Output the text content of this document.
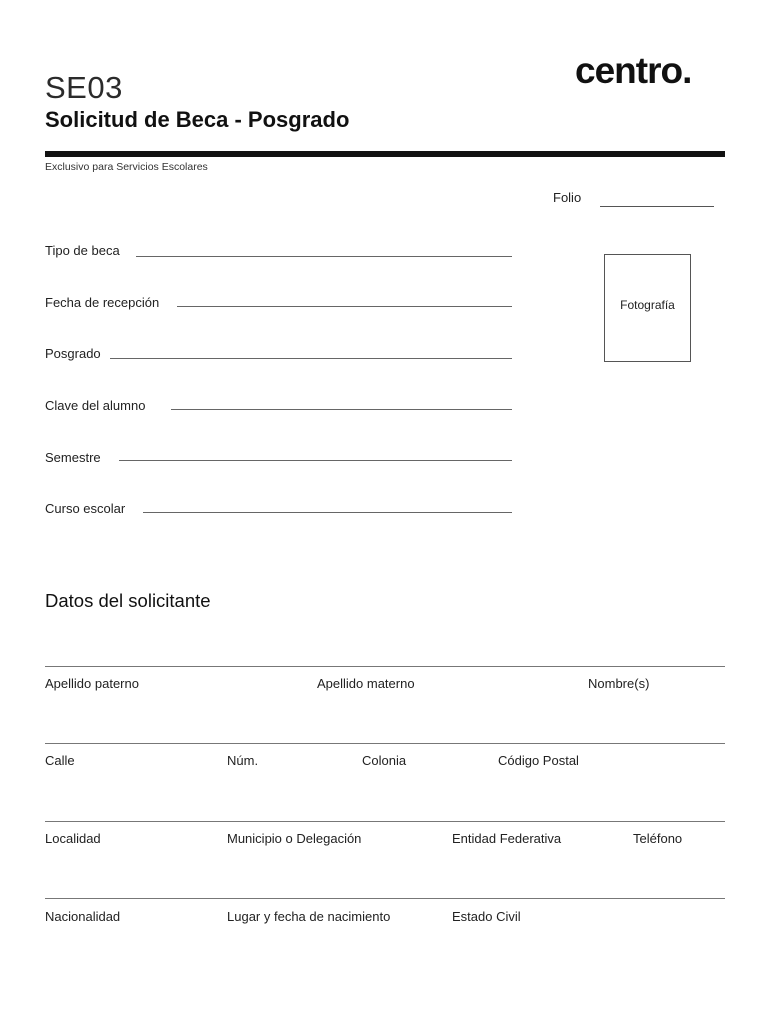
SE03
Solicitud de Beca - Posgrado
centro.
Exclusivo para Servicios Escolares
Folio
Fotografía
Tipo de beca
Fecha de recepción
Posgrado
Clave del alumno
Semestre
Curso escolar
Datos del solicitante
Apellido paterno	Apellido materno	Nombre(s)
Calle	Núm.	Colonia	Código Postal
Localidad	Municipio o Delegación	Entidad Federativa	Teléfono
Nacionalidad	Lugar y fecha de nacimiento	Estado Civil
